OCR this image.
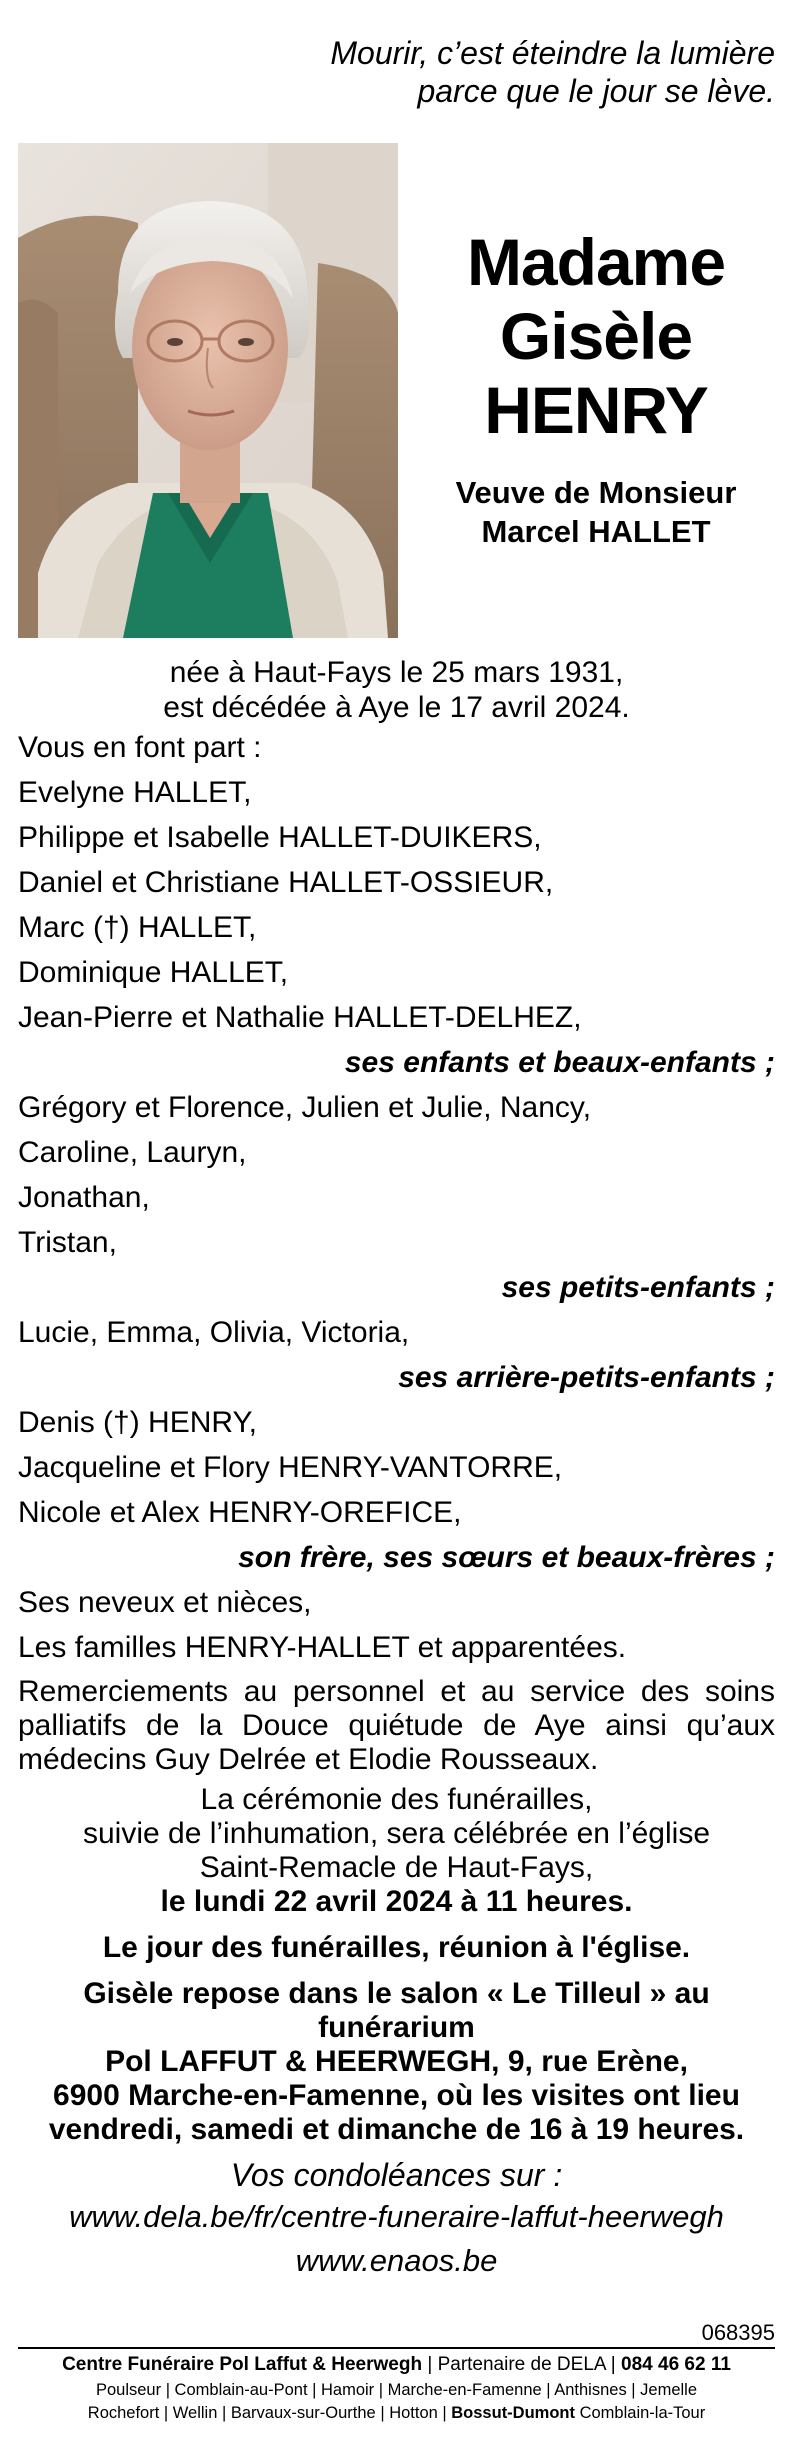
Mourir, c’est éteindre la lumière
parce que le jour se lève.
Madame
Gisèle
HENRY
Veuve de Monsieur
Marcel HALLET
née à Haut-Fays le 25 mars 1931,
est décédée à Aye le 17 avril 2024.
Vous en font part :
Evelyne HALLET,
Philippe et Isabelle HALLET-DUIKERS,
Daniel et Christiane HALLET-OSSIEUR,
Marc (†) HALLET,
Dominique HALLET,
Jean-Pierre et Nathalie HALLET-DELHEZ,
ses enfants et beaux-enfants ;
Grégory et Florence, Julien et Julie, Nancy,
Caroline, Lauryn,
Jonathan,
Tristan,
ses petits-enfants ;
Lucie, Emma, Olivia, Victoria,
ses arrière-petits-enfants ;
Denis (†) HENRY,
Jacqueline et Flory HENRY-VANTORRE,
Nicole et Alex HENRY-OREFICE,
son frère, ses sœurs et beaux-frères ;
Ses neveux et nièces,
Les familles HENRY-HALLET et apparentées.
Remerciements au personnel et au service des soins palliatifs de la Douce quiétude de Aye ainsi qu’aux médecins Guy Delrée et Elodie Rousseaux.
La cérémonie des funérailles,
suivie de l’inhumation, sera célébrée en l’église
Saint-Remacle de Haut-Fays,
le lundi 22 avril 2024 à 11 heures.
Le jour des funérailles, réunion à l'église.
Gisèle repose dans le salon « Le Tilleul » au funérarium
Pol LAFFUT & HEERWEGH, 9, rue Erène,
6900 Marche-en-Famenne, où les visites ont lieu
vendredi, samedi et dimanche de 16 à 19 heures.
Vos condoléances sur :
www.dela.be/fr/centre-funeraire-laffut-heerwegh
www.enaos.be
068395
Centre Funéraire Pol Laffut & Heerwegh | Partenaire de DELA | 084 46 62 11
Poulseur | Comblain-au-Pont | Hamoir | Marche-en-Famenne | Anthisnes | Jemelle
Rochefort | Wellin | Barvaux-sur-Ourthe | Hotton | Bossut-Dumont Comblain-la-Tour
